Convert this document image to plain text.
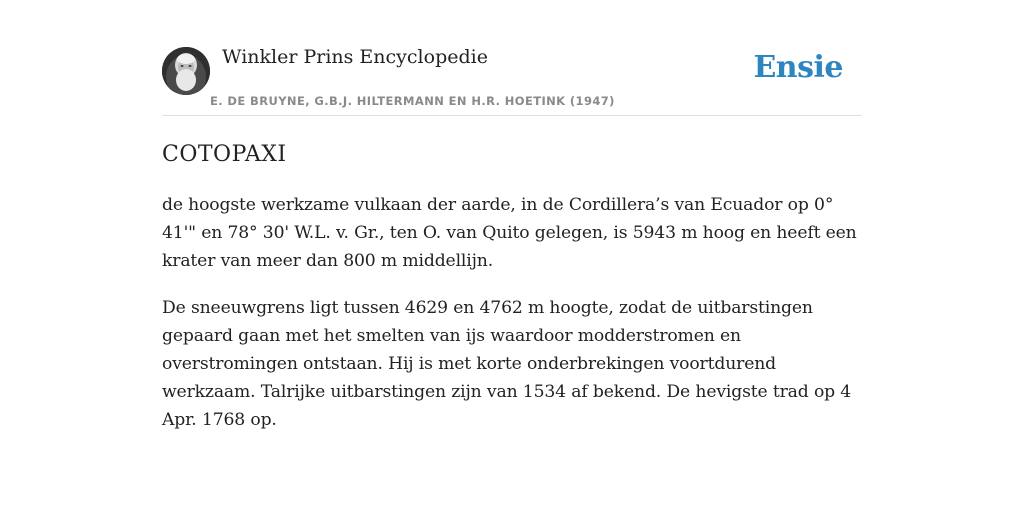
Winkler Prins Encyclopedie
E. DE BRUYNE, G.B.J. HILTERMANN EN H.R. HOETINK (1947)
Ensie
COTOPAXI

de hoogste werkzame vulkaan der aarde, in de Cordillera’s van Ecuador op 0° 41'" en 78° 30' W.L. v. Gr., ten O. van Quito gelegen, is 5943 m hoog en heeft een krater van meer dan 800 m middellijn.

De sneeuwgrens ligt tussen 4629 en 4762 m hoogte, zodat de uitbarstingen gepaard gaan met het smelten van ijs waardoor modderstromen en overstromingen ontstaan. Hij is met korte onderbrekingen voortdurend werkzaam. Talrijke uitbarstingen zijn van 1534 af bekend. De hevigste trad op 4 Apr. 1768 op.
